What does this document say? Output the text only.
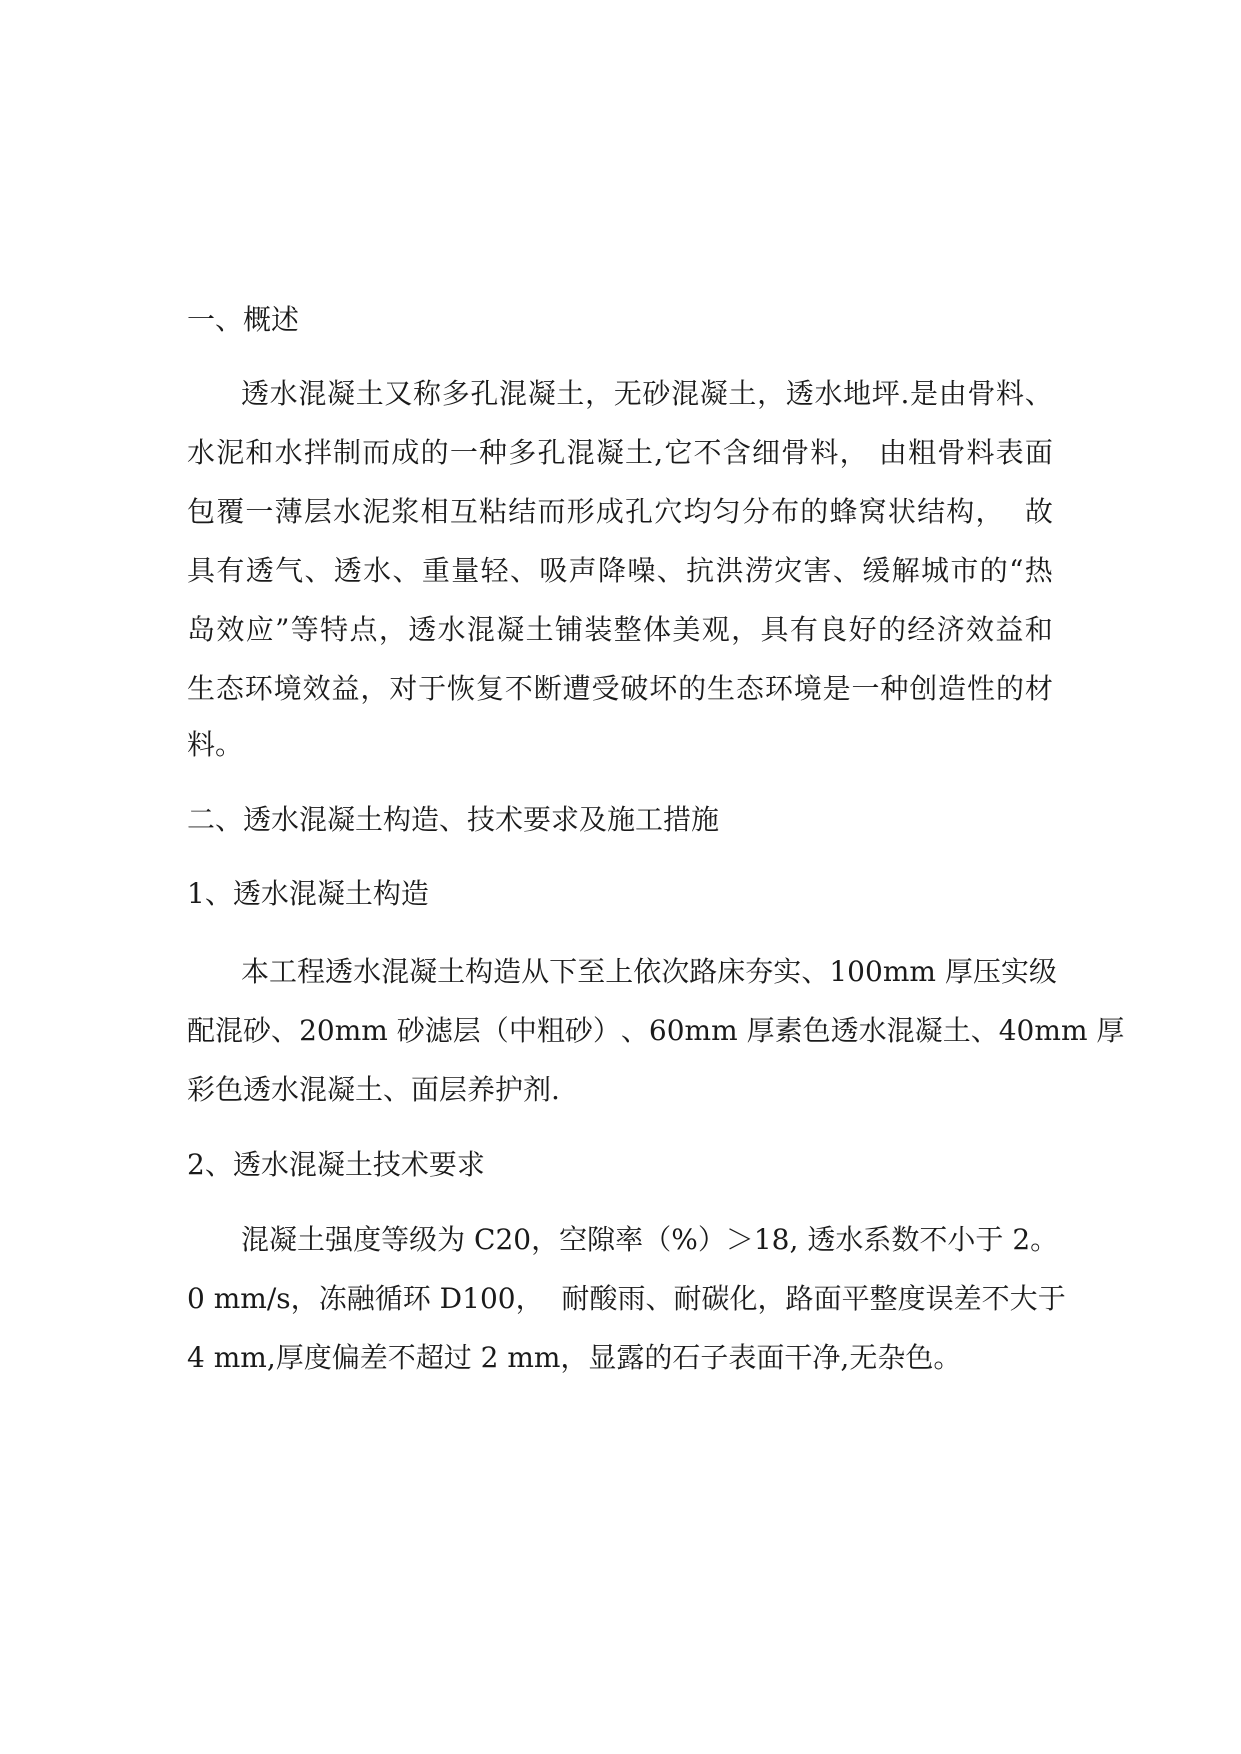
一、概述
透 水 混 凝 土 又 称 多 孔 混 凝 土 ， 无 砂 混 凝 土 ， 透 水 地 坪 . 是 由 骨 料 、
水 泥 和 水 拌 制 而 成 的 一 种 多 孔 混 凝 土 , 它 不 含 细 骨 料 ，
由 粗 骨 料 表 面
包 覆 一 薄 层 水 泥 浆 相 互 粘 结 而 形 成 孔 穴 均 匀 分 布 的 蜂 窝 状 结 构 ，

故
具 有 透 气 、 透 水 、 重 量 轻 、 吸 声 降 噪 、 抗 洪 涝 灾 害 、 缓 解 城 市 的 “ 热
岛 效 应 ” 等 特 点 ， 透 水 混 凝 土 铺 装 整 体 美 观 ， 具 有 良 好 的 经 济 效 益 和
生 态 环 境 效 益 ， 对 于 恢 复 不 断 遭 受 破 坏 的 生 态 环 境 是 一 种 创 造 性 的 材
料。
二、透水混凝土构造、技术要求及施工措施
1、透水混凝土构造
本 工 程 透 水 混 凝 土 构 造 从 下 至 上 依 次 路 床 夯 实 、 1 0 0 m m
厚 压 实 级
配 混 砂 、 2 0 m m
砂 滤 层 （ 中 粗 砂 ） 、 6 0 m m
厚 素 色 透 水 混 凝 土 、 4 0 m m
厚
彩色透水混凝土、面层养护剂.
2、透水混凝土技术要求
混 凝 土 强 度 等 级 为
C 2 0 ， 空 隙 率 （ % ） ＞ 1 8 ,
透 水 系 数 不 小 于
2 。
0
m m / s ， 冻 融 循 环
D 1 0 0 ，

耐 酸 雨 、 耐 碳 化 ， 路 面 平 整 度 误 差 不 大 于
4 mm,厚度偏差不超过 2 mm，显露的石子表面干净,无杂色。
